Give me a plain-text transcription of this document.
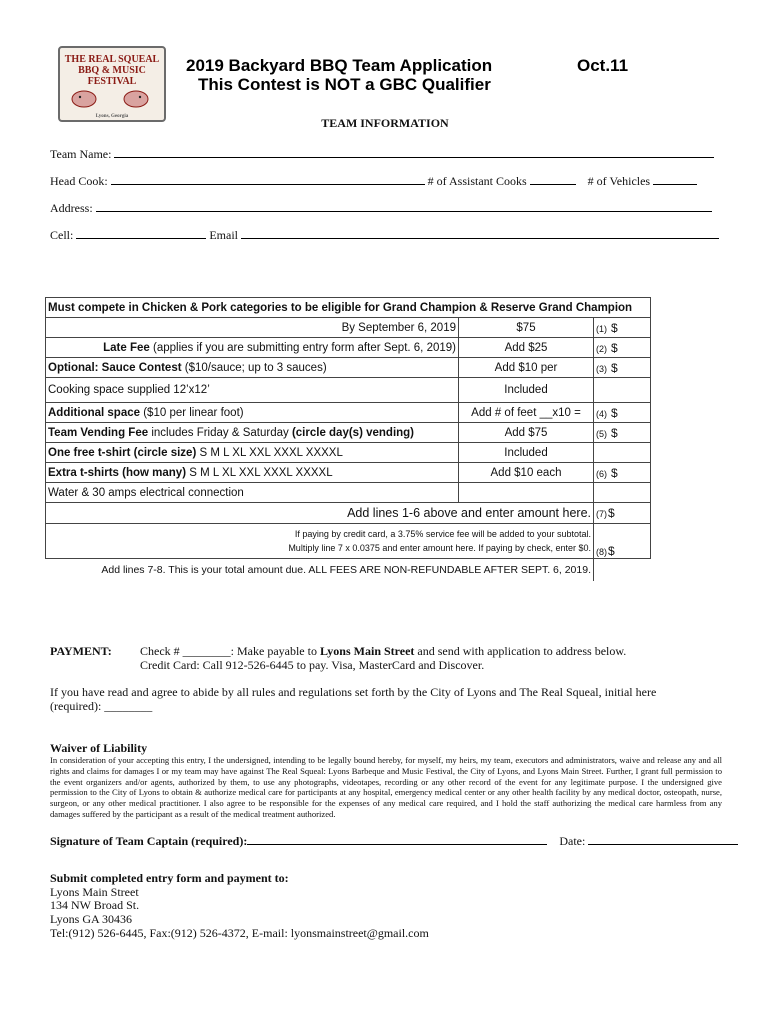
THE REAL SQUEAL
BBQ & MUSIC
FESTIVAL
Lyons, Georgia
2019 Backyard BBQ Team Application	Oct.11
This Contest is NOT a GBC Qualifier
TEAM INFORMATION
Team Name:
Head Cook:	# of Assistant Cooks	# of Vehicles
Address:
Cell:	Email
Must compete in Chicken & Pork categories to be eligible for Grand Champion & Reserve Grand Champion		
By September 6, 2019	$75	(1) $
Late Fee (applies if you are submitting entry form after Sept. 6, 2019)	Add $25	(2) $
Optional: Sauce Contest ($10/sauce; up to 3 sauces)	Add $10 per	(3) $
Cooking space supplied 12’x12’	Included	
Additional space ($10 per linear foot)	Add # of feet __x10 =	(4) $
Team Vending Fee includes Friday & Saturday (circle day(s) vending)	Add $75	(5) $
One free t-shirt (circle size) S M L XL XXL XXXL XXXXL	Included	
Extra t-shirts (how many) S M L XL XXL XXXL XXXXL	Add $10 each	(6) $
Water & 30 amps electrical connection		
Add lines 1-6 above and enter amount here.		(7)$

If paying by credit card, a 3.75% service fee will be added to your subtotal.
Multiply line 7 x 0.0375 and enter amount here. If paying by check, enter $0.		(8)$
Add lines 7-8. This is your total amount due. ALL FEES ARE NON-REFUNDABLE AFTER SEPT. 6, 2019.		
PAYMENT: Check # ________: Make payable to Lyons Main Street and send with application to address below.
Credit Card: Call 912-526-6445 to pay. Visa, MasterCard and Discover.
If you have read and agree to abide by all rules and regulations set forth by the City of Lyons and The Real Squeal, initial here
(required): ________
Waiver of Liability
In consideration of your accepting this entry, I the undersigned, intending to be legally bound hereby, for myself, my heirs, my team, executors and administrators, waive and release any and all rights and claims for damages I or my team may have against The Real Squeal: Lyons Barbeque and Music Festival, the City of Lyons, and Lyons Main Street. Further, I grant full permission to the event organizers and/or agents, authorized by them, to use any photographs, videotapes, recording or any other record of the event for any legitimate purpose. I the undersigned give permission to the City of Lyons to obtain & authorize medical care for participants at any hospital, emergency medical center or any other health facility by any medical doctor, osteopath, nurse, surgeon, or any other medical practitioner. I also agree to be responsible for the expenses of any medical care required, and I hold the staff authorizing the medical care harmless from any damages suffered by the participant as a result of the medical treatment authorized.
Signature of Team Captain (required):	Date:
Submit completed entry form and payment to:
Lyons Main Street
134 NW Broad St.
Lyons GA 30436
Tel:(912) 526-6445, Fax:(912) 526-4372, E-mail: lyonsmainstreet@gmail.com
